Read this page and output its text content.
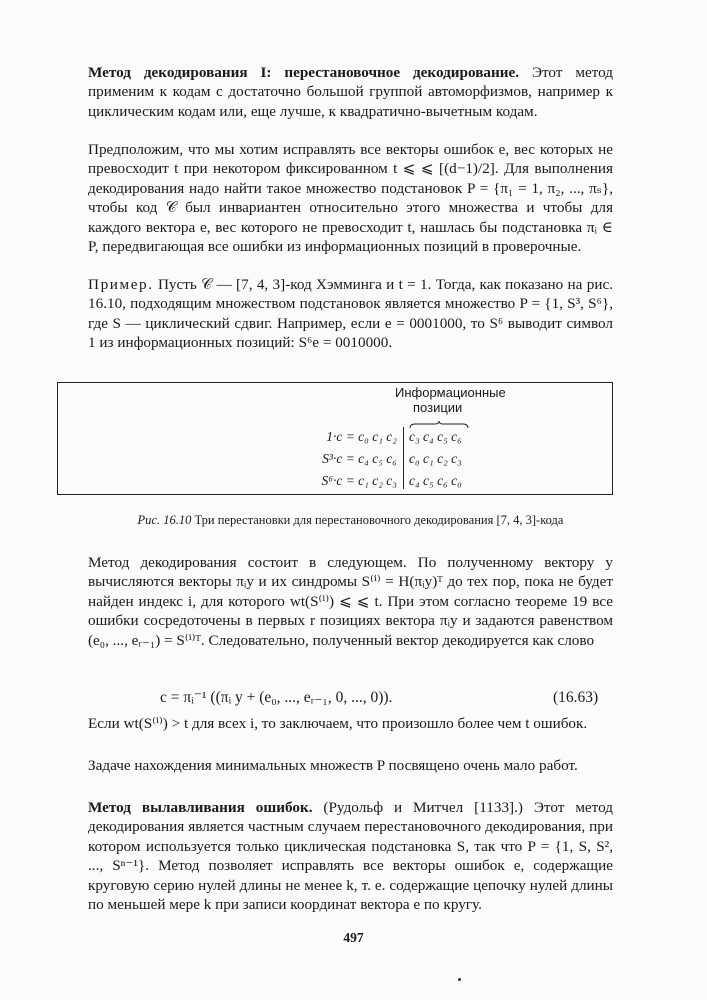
Метод декодирования I: перестановочное декодирование. Этот метод применим к кодам с достаточно большой группой автоморфизмов, например к циклическим кодам или, еще лучше, к квадратично-вычетным кодам.

Предположим, что мы хотим исправлять все векторы ошибок e, вес которых не превосходит t при некотором фиксированном t ⩽ ⩽ [(d−1)/2]. Для выполнения декодирования надо найти такое множество подстановок P = {π₁ = 1, π₂, ..., πₛ}, чтобы код 𝒞 был инвариантен относительно этого множества и чтобы для каждого вектора e, вес которого не превосходит t, нашлась бы подстановка πᵢ ∈ P, передвигающая все ошибки из информационных позиций в проверочные.

Пример. Пусть 𝒞 — [7, 4, 3]-код Хэмминга и t = 1. Тогда, как показано на рис. 16.10, подходящим множеством подстановок является множество P = {1, S³, S⁶}, где S — циклический сдвиг. Например, если e = 0001000, то S⁶ выводит символ 1 из информационных позиций: S⁶e = 0010000.

Информационные
позиции
1·c = c₀ c₁ c₂ c₃ c₄ c₅ c₆
S³·c = c₄ c₅ c₆ c₀ c₁ c₂ c₃
S⁶·c = c₁ c₂ c₃ c₄ c₅ c₆ c₀
Рис. 16.10 Три перестановки для перестановочного декодирования [7, 4, 3]-кода

Метод декодирования состоит в следующем. По полученному вектору y вычисляются векторы πᵢy и их синдромы S⁽ⁱ⁾ = H(πᵢy)ᵀ до тех пор, пока не будет найден индекс i, для которого wt(S⁽ⁱ⁾) ⩽ ⩽ t. При этом согласно теореме 19 все ошибки сосредоточены в первых r позициях вектора πᵢy и задаются равенством (e₀, ..., eᵣ₋₁) = S⁽ⁱ⁾ᵀ. Следовательно, полученный вектор декодируется как слово

c = πᵢ⁻¹ ((πᵢ y + (e₀, ..., eᵣ₋₁, 0, ..., 0)).	(16.63)

Если wt(S⁽ⁱ⁾) > t для всех i, то заключаем, что произошло более чем t ошибок.

Задаче нахождения минимальных множеств P посвящено очень мало работ.

Метод вылавливания ошибок. (Рудольф и Митчел [1133].) Этот метод декодирования является частным случаем перестановочного декодирования, при котором используется только циклическая подстановка S, так что P = {1, S, S², ..., Sⁿ⁻¹}. Метод позволяет исправлять все векторы ошибок e, содержащие круговую серию нулей длины не менее k, т. е. содержащие цепочку нулей длины по меньшей мере k при записи координат вектора e по кругу.

497
